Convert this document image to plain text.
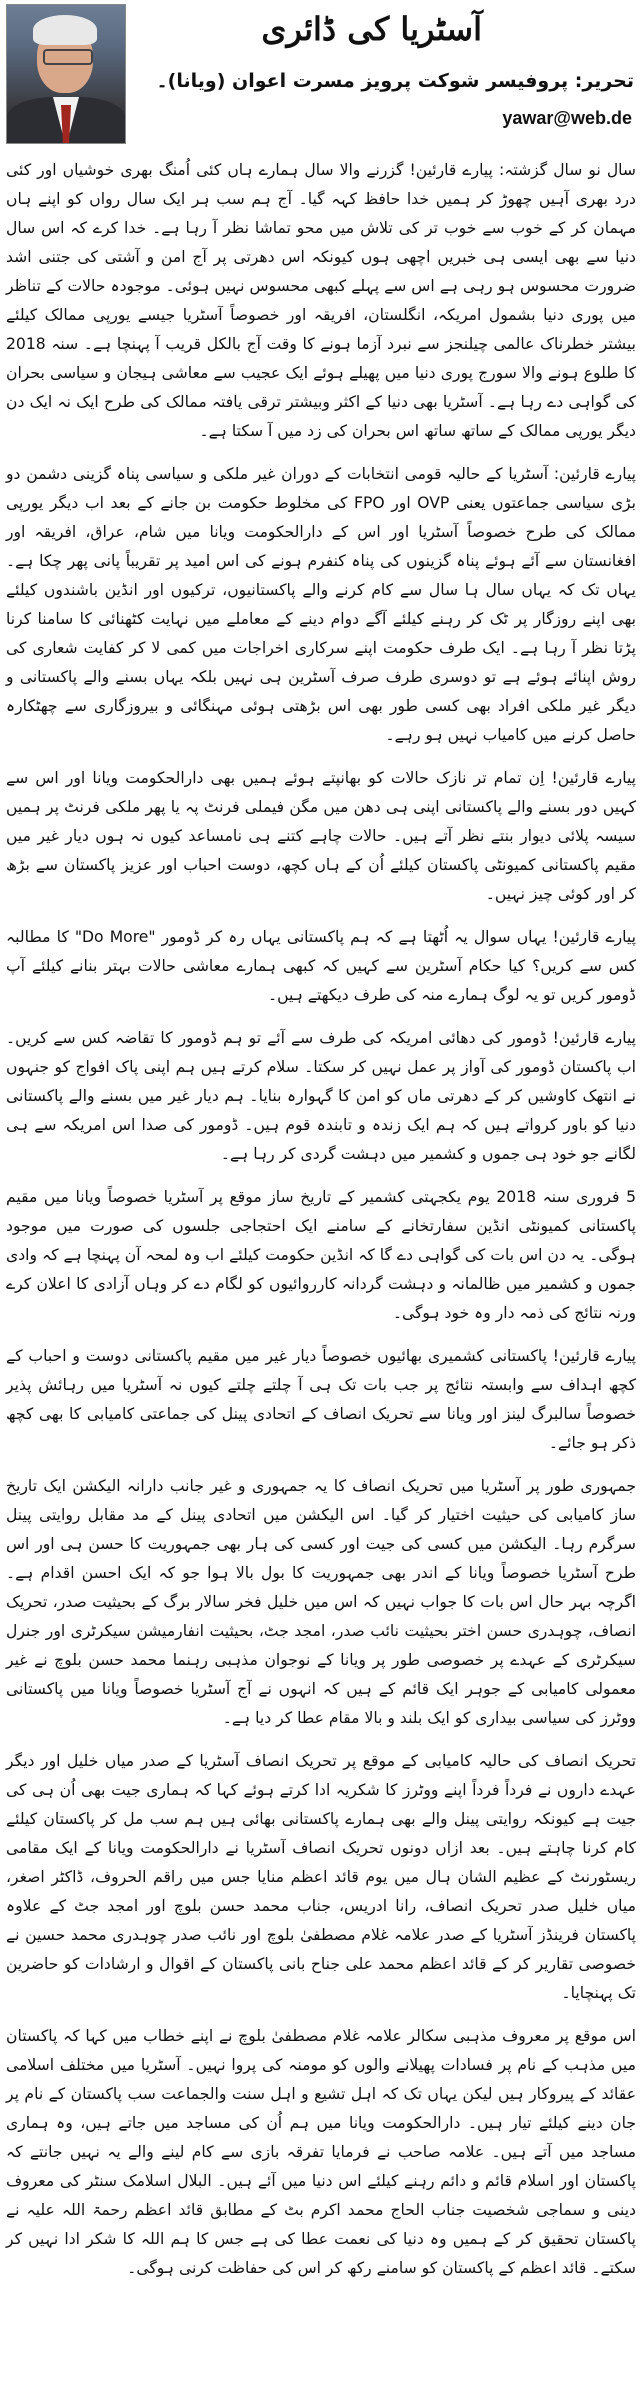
آسٹریا کی ڈائری
تحریر: پروفیسر شوکت پرویز مسرت اعوان (ویانا)۔
yawar@web.de

سال نو سال گزشتہ: پیارے قارئین! گزرنے والا سال ہمارے ہاں کئی اُمنگ بھری خوشیاں اور کئی درد بھری آہیں چھوڑ کر ہمیں خدا حافظ کہہ گیا۔ آج ہم سب ہر ایک سال رواں کو اپنے ہاں مہمان کر کے خوب سے خوب تر کی تلاش میں محو تماشا نظر آ رہا ہے۔ خدا کرے کہ اس سال دنیا سے بھی ایسی ہی خبریں اچھی ہوں کیونکہ اس دھرتی پر آج امن و آشتی کی جتنی اشد ضرورت محسوس ہو رہی ہے اس سے پہلے کبھی محسوس نہیں ہوئی۔ موجودہ حالات کے تناظر میں پوری دنیا بشمول امریکہ، انگلستان، افریقہ اور خصوصاً آسٹریا جیسے یورپی ممالک کیلئے بیشتر خطرناک عالمی چیلنجز سے نبرد آزما ہونے کا وقت آج بالکل قریب آ پہنچا ہے۔ سنہ 2018 کا طلوع ہونے والا سورج پوری دنیا میں پھیلے ہوئے ایک عجیب سے معاشی ہیجان و سیاسی بحران کی گواہی دے رہا ہے۔ آسٹریا بھی دنیا کے اکثر وبیشتر ترقی یافتہ ممالک کی طرح ایک نہ ایک دن دیگر یورپی ممالک کے ساتھ ساتھ اس بحران کی زد میں آ سکتا ہے۔

پیارے قارئین: آسٹریا کے حالیہ قومی انتخابات کے دوران غیر ملکی و سیاسی پناہ گزینی دشمن دو بڑی سیاسی جماعتوں یعنی OVP اور FPO کی مخلوط حکومت بن جانے کے بعد اب دیگر یورپی ممالک کی طرح خصوصاً آسٹریا اور اس کے دارالحکومت ویانا میں شام، عراق، افریقہ اور افغانستان سے آئے ہوئے پناہ گزینوں کی پناہ کنفرم ہونے کی اس امید پر تقریباً پانی پھر چکا ہے۔ یہاں تک کہ یہاں سال ہا سال سے کام کرنے والے پاکستانیوں، ترکیوں اور انڈین باشندوں کیلئے بھی اپنے روزگار پر ٹک کر رہنے کیلئے آگے دوام دینے کے معاملے میں نہایت کٹھنائی کا سامنا کرنا پڑتا نظر آ رہا ہے۔ ایک طرف حکومت اپنے سرکاری اخراجات میں کمی لا کر کفایت شعاری کی روش اپنائے ہوئے ہے تو دوسری طرف صرف آسٹرین ہی نہیں بلکہ یہاں بسنے والے پاکستانی و دیگر غیر ملکی افراد بھی کسی طور بھی اس بڑھتی ہوئی مہنگائی و بیروزگاری سے چھٹکارہ حاصل کرنے میں کامیاب نہیں ہو رہے۔

پیارے قارئین! اِن تمام تر نازک حالات کو بھانپتے ہوئے ہمیں بھی دارالحکومت ویانا اور اس سے کہیں دور بسنے والے پاکستانی اپنی ہی دھن میں مگن فیملی فرنٹ پہ یا پھر ملکی فرنٹ پر ہمیں سیسہ پلائی دیوار بنتے نظر آتے ہیں۔ حالات چاہے کتنے ہی نامساعد کیوں نہ ہوں دیار غیر میں مقیم پاکستانی کمیونٹی پاکستان کیلئے اُن کے ہاں کچھ، دوست احباب اور عزیز پاکستان سے بڑھ کر اور کوئی چیز نہیں۔

پیارے قارئین! یہاں سوال یہ اُٹھتا ہے کہ ہم پاکستانی یہاں رہ کر ڈومور "Do More" کا مطالبہ کس سے کریں؟ کیا حکام آسٹرین سے کہیں کہ کبھی ہمارے معاشی حالات بہتر بنانے کیلئے آپ ڈومور کریں تو یہ لوگ ہمارے منہ کی طرف دیکھتے ہیں۔

پیارے قارئین! ڈومور کی دھائی امریکہ کی طرف سے آئے تو ہم ڈومور کا تقاضہ کس سے کریں۔ اب پاکستان ڈومور کی آواز پر عمل نہیں کر سکتا۔ سلام کرتے ہیں ہم اپنی پاک افواج کو جنہوں نے انتھک کاوشیں کر کے دھرتی ماں کو امن کا گہوارہ بنایا۔ ہم دیار غیر میں بسنے والے پاکستانی دنیا کو باور کرواتے ہیں کہ ہم ایک زندہ و تابندہ قوم ہیں۔ ڈومور کی صدا اس امریکہ سے ہی لگانے جو خود ہی جموں و کشمیر میں دہشت گردی کر رہا ہے۔

5 فروری سنہ 2018 یوم یکجہتی کشمیر کے تاریخ ساز موقع پر آسٹریا خصوصاً ویانا میں مقیم پاکستانی کمیونٹی انڈین سفارتخانے کے سامنے ایک احتجاجی جلسوں کی صورت میں موجود ہوگی۔ یہ دن اس بات کی گواہی دے گا کہ انڈین حکومت کیلئے اب وہ لمحہ آن پہنچا ہے کہ وادی جموں و کشمیر میں ظالمانہ و دہشت گردانہ کارروائیوں کو لگام دے کر وہاں آزادی کا اعلان کرے ورنہ نتائج کی ذمہ دار وہ خود ہوگی۔

پیارے قارئین! پاکستانی کشمیری بھائیوں خصوصاً دیار غیر میں مقیم پاکستانی دوست و احباب کے کچھ اہداف سے وابستہ نتائج پر جب بات تک ہی آ چلتے چلتے کیوں نہ آسٹریا میں رہائش پذیر خصوصاً سالبرگ لینز اور ویانا سے تحریک انصاف کے اتحادی پینل کی جماعتی کامیابی کا بھی کچھ ذکر ہو جائے۔

جمہوری طور پر آسٹریا میں تحریک انصاف کا یہ جمہوری و غیر جانب دارانہ الیکشن ایک تاریخ ساز کامیابی کی حیثیت اختیار کر گیا۔ اس الیکشن میں اتحادی پینل کے مد مقابل روایتی پینل سرگرم رہا۔ الیکشن میں کسی کی جیت اور کسی کی ہار بھی جمہوریت کا حسن ہی اور اس طرح آسٹریا خصوصاً ویانا کے اندر بھی جمہوریت کا بول بالا ہوا جو کہ ایک احسن اقدام ہے۔ اگرچہ بہر حال اس بات کا جواب نہیں کہ اس میں خلیل فخر سالار برگ کے بحیثیت صدر، تحریک انصاف، چوہدری حسن اختر بحیثیت نائب صدر، امجد جٹ، بحیثیت انفارمیشن سیکرٹری اور جنرل سیکرٹری کے عہدے پر خصوصی طور پر ویانا کے نوجوان مذہبی رہنما محمد حسن بلوچ نے غیر معمولی کامیابی کے جوہر ایک قائم کے ہیں کہ انہوں نے آج آسٹریا خصوصاً ویانا میں پاکستانی ووٹرز کی سیاسی بیداری کو ایک بلند و بالا مقام عطا کر دیا ہے۔

تحریک انصاف کی حالیہ کامیابی کے موقع پر تحریک انصاف آسٹریا کے صدر میاں خلیل اور دیگر عہدے داروں نے فرداً فرداً اپنے ووٹرز کا شکریہ ادا کرتے ہوئے کہا کہ ہماری جیت بھی اُن ہی کی جیت ہے کیونکہ روایتی پینل والے بھی ہمارے پاکستانی بھائی ہیں ہم سب مل کر پاکستان کیلئے کام کرنا چاہتے ہیں۔ بعد ازاں دونوں تحریک انصاف آسٹریا نے دارالحکومت ویانا کے ایک مقامی ریسٹورنٹ کے عظیم الشان ہال میں یوم قائد اعظم منایا جس میں راقم الحروف، ڈاکٹر اصغر، میاں خلیل صدر تحریک انصاف، رانا ادریس، جناب محمد حسن بلوچ اور امجد جٹ کے علاوہ پاکستان فرینڈز آسٹریا کے صدر علامہ غلام مصطفیٰ بلوچ اور نائب صدر چوہدری محمد حسین نے خصوصی تقاریر کر کے قائد اعظم محمد علی جناح بانی پاکستان کے اقوال و ارشادات کو حاضرین تک پہنچایا۔

اس موقع پر معروف مذہبی سکالر علامہ غلام مصطفیٰ بلوچ نے اپنے خطاب میں کہا کہ پاکستان میں مذہب کے نام پر فسادات پھیلانے والوں کو مومنہ کی پروا نہیں۔ آسٹریا میں مختلف اسلامی عقائد کے پیروکار ہیں لیکن یہاں تک کہ اہل تشیع و اہل سنت والجماعت سب پاکستان کے نام پر جان دینے کیلئے تیار ہیں۔ دارالحکومت ویانا میں ہم اُن کی مساجد میں جاتے ہیں، وہ ہماری مساجد میں آتے ہیں۔ علامہ صاحب نے فرمایا تفرقہ بازی سے کام لینے والے یہ نہیں جانتے کہ پاکستان اور اسلام قائم و دائم رہنے کیلئے اس دنیا میں آئے ہیں۔ البلال اسلامک سنٹر کی معروف دینی و سماجی شخصیت جناب الحاج محمد اکرم بٹ کے مطابق قائد اعظم رحمۃ اللہ علیہ نے پاکستان تحقیق کر کے ہمیں وہ دنیا کی نعمت عطا کی ہے جس کا ہم اللہ کا شکر ادا نہیں کر سکتے۔ قائد اعظم کے پاکستان کو سامنے رکھ کر اس کی حفاظت کرنی ہوگی۔
